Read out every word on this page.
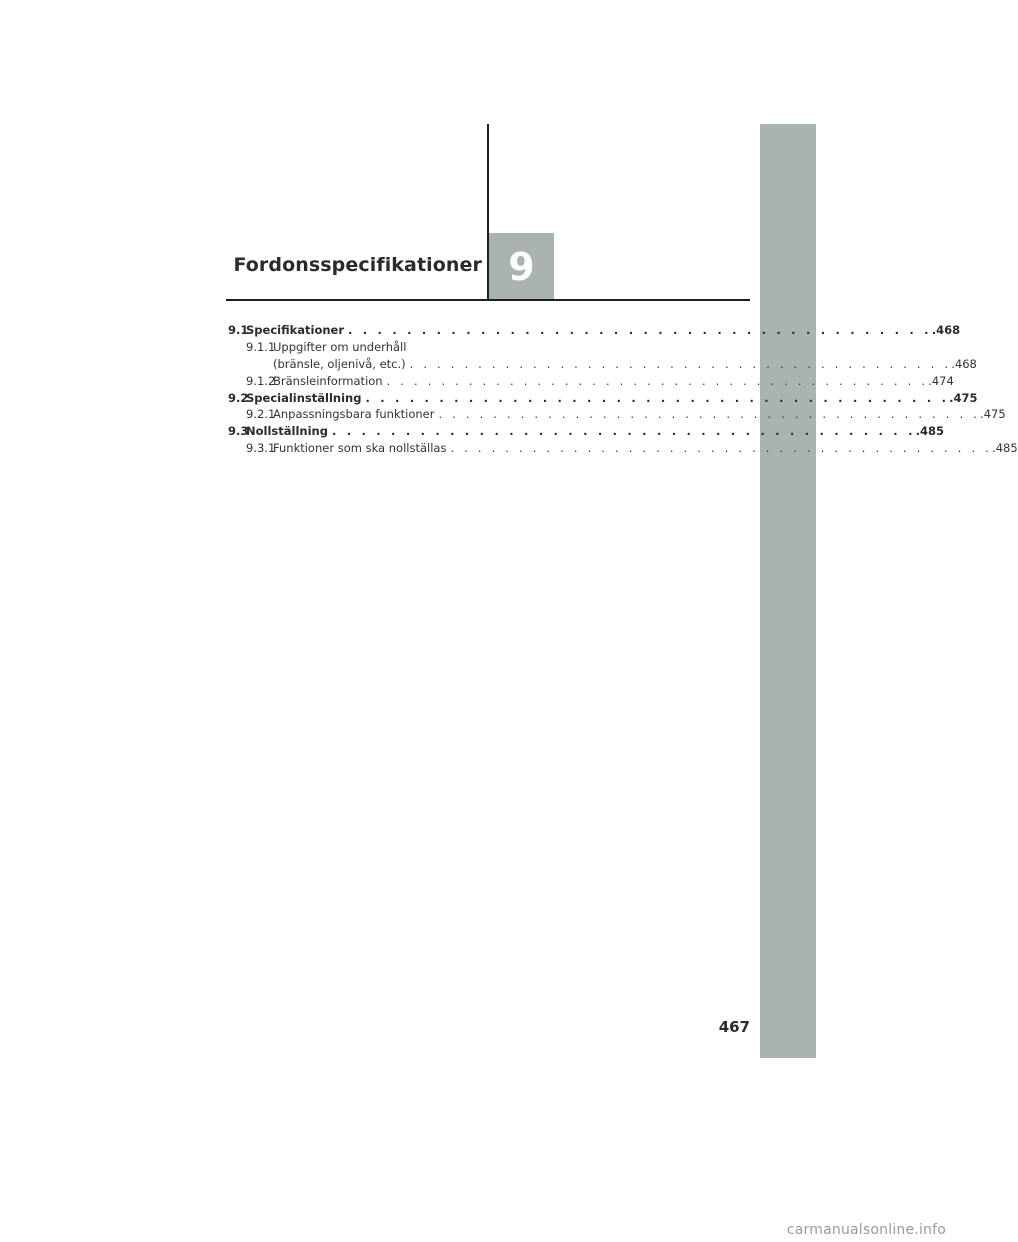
Fordonsspecifikationer 9
9.1
Specifikationer . . . . . . . . . . . . . . . . . . . . . . . . . . . . . . . . . . . . . . . . .468
9.1.1
Uppgifter om underhåll
(bränsle, oljenivå, etc.) . . . . . . . . . . . . . . . . . . . . . . . . . . . . . . . . . . . . . . . . .468
9.1.2
Bränsleinformation . . . . . . . . . . . . . . . . . . . . . . . . . . . . . . . . . . . . . . . . .474
9.2
Specialinställning . . . . . . . . . . . . . . . . . . . . . . . . . . . . . . . . . . . . . . . . .475
9.2.1
Anpassningsbara funktioner . . . . . . . . . . . . . . . . . . . . . . . . . . . . . . . . . . . . . . . . .475
9.3
Nollställning . . . . . . . . . . . . . . . . . . . . . . . . . . . . . . . . . . . . . . . . .485
9.3.1
Funktioner som ska nollställas . . . . . . . . . . . . . . . . . . . . . . . . . . . . . . . . . . . . . . . . .485
467
carmanualsonline.info
